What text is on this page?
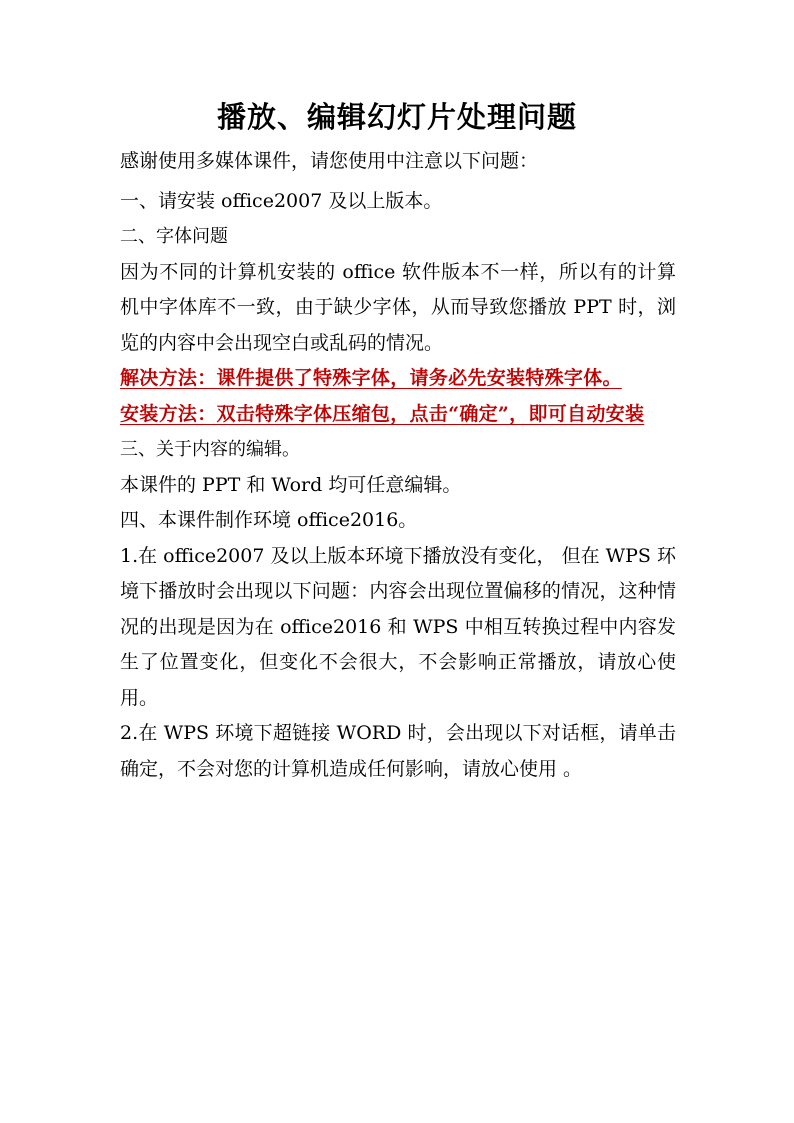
播放、编辑幻灯片处理问题

感谢使用多媒体课件，请您使用中注意以下问题：

一、请安装 office2007 及以上版本。

二、字体问题

因为不同的计算机安装的 office 软件版本不一样，所以有的计算机中字体库不一致，由于缺少字体，从而导致您播放 PPT 时，浏览的内容中会出现空白或乱码的情况。

解决方法：课件提供了特殊字体，请务必先安装特殊字体。

安装方法：双击特殊字体压缩包，点击“确定”，即可自动安装

三、关于内容的编辑。

本课件的 PPT 和 Word 均可任意编辑。

四、本课件制作环境 office2016。

1.在 office2007 及以上版本环境下播放没有变化， 但在 WPS 环境下播放时会出现以下问题：内容会出现位置偏移的情况，这种情况的出现是因为在 office2016 和 WPS 中相互转换过程中内容发生了位置变化，但变化不会很大，不会影响正常播放，请放心使用。

2.在 WPS 环境下超链接 WORD 时，会出现以下对话框，请单击确定，不会对您的计算机造成任何影响，请放心使用 。
